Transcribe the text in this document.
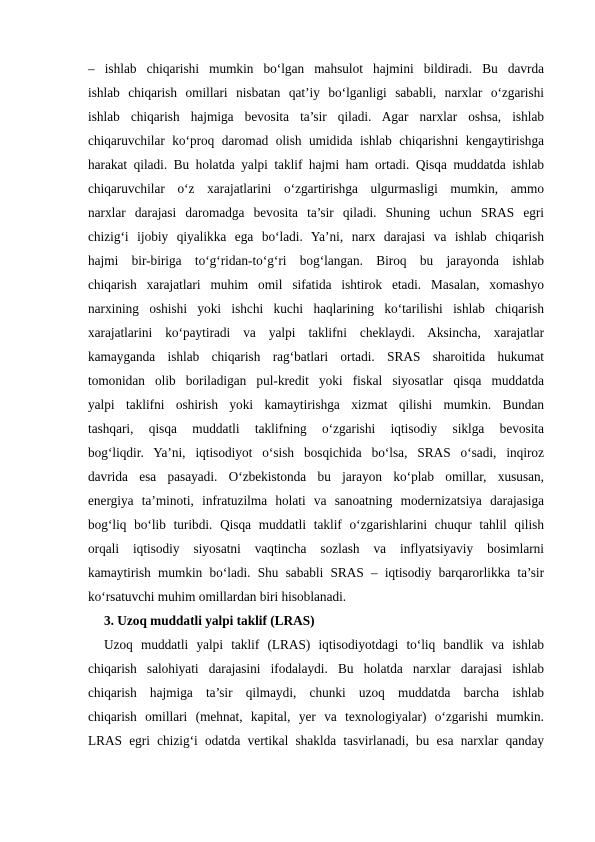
– ishlab chiqarishi mumkin bo‘lgan mahsulot hajmini bildiradi. Bu davrda
ishlab chiqarish omillari nisbatan qat’iy bo‘lganligi sababli, narxlar o‘zgarishi
ishlab chiqarish hajmiga bevosita ta’sir qiladi. Agar narxlar oshsa, ishlab
chiqaruvchilar ko‘proq daromad olish umidida ishlab chiqarishni kengaytirishga
harakat qiladi. Bu holatda yalpi taklif hajmi ham ortadi. Qisqa muddatda ishlab
chiqaruvchilar o‘z xarajatlarini o‘zgartirishga ulgurmasligi mumkin, ammo
narxlar darajasi daromadga bevosita ta’sir qiladi. Shuning uchun SRAS egri
chizig‘i ijobiy qiyalikka ega bo‘ladi. Ya’ni, narx darajasi va ishlab chiqarish
hajmi bir-biriga to‘g‘ridan-to‘g‘ri bog‘langan. Biroq bu jarayonda ishlab
chiqarish xarajatlari muhim omil sifatida ishtirok etadi. Masalan, xomashyo
narxining oshishi yoki ishchi kuchi haqlarining ko‘tarilishi ishlab chiqarish
xarajatlarini ko‘paytiradi va yalpi taklifni cheklaydi. Aksincha, xarajatlar
kamayganda ishlab chiqarish rag‘batlari ortadi. SRAS sharoitida hukumat
tomonidan olib boriladigan pul-kredit yoki fiskal siyosatlar qisqa muddatda
yalpi taklifni oshirish yoki kamaytirishga xizmat qilishi mumkin. Bundan
tashqari, qisqa muddatli taklifning o‘zgarishi iqtisodiy siklga bevosita
bog‘liqdir. Ya’ni, iqtisodiyot o‘sish bosqichida bo‘lsa, SRAS o‘sadi, inqiroz
davrida esa pasayadi. O‘zbekistonda bu jarayon ko‘plab omillar, xususan,
energiya ta’minoti, infratuzilma holati va sanoatning modernizatsiya darajasiga
bog‘liq bo‘lib turibdi. Qisqa muddatli taklif o‘zgarishlarini chuqur tahlil qilish
orqali iqtisodiy siyosatni vaqtincha sozlash va inflyatsiyaviy bosimlarni
kamaytirish mumkin bo‘ladi. Shu sababli SRAS – iqtisodiy barqarorlikka ta’sir
ko‘rsatuvchi muhim omillardan biri hisoblanadi.
3. Uzoq muddatli yalpi taklif (LRAS)
Uzoq muddatli yalpi taklif (LRAS) iqtisodiyotdagi to‘liq bandlik va ishlab
chiqarish salohiyati darajasini ifodalaydi. Bu holatda narxlar darajasi ishlab
chiqarish hajmiga ta’sir qilmaydi, chunki uzoq muddatda barcha ishlab
chiqarish omillari (mehnat, kapital, yer va texnologiyalar) o‘zgarishi mumkin.
LRAS egri chizig‘i odatda vertikal shaklda tasvirlanadi, bu esa narxlar qanday
